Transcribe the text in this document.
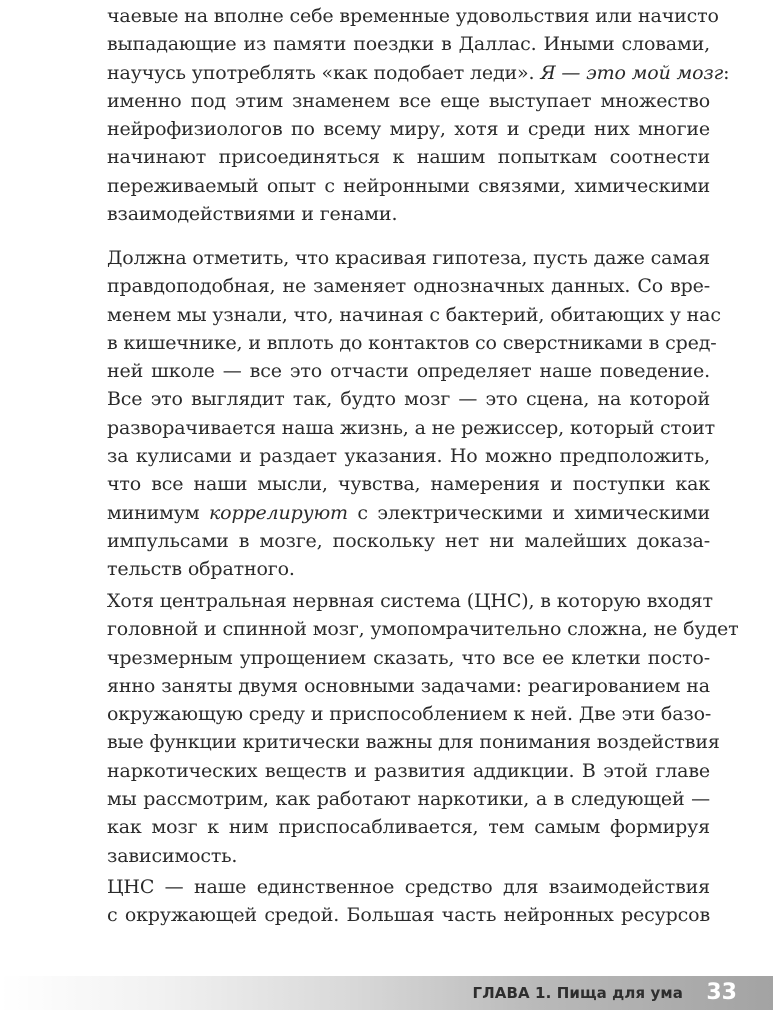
чаевые на вполне себе временные удовольствия или начисто
выпадающие из памяти поездки в Даллас. Иными словами,
научусь употреблять «как подобает леди». Я — это мой мозг:
именно под этим знаменем все еще выступает множество
нейрофизиологов по всему миру, хотя и среди них многие
начинают присоединяться к нашим попыткам соотнести
переживаемый опыт с нейронными связями, химическими
взаимодействиями и генами.
Должна отметить, что красивая гипотеза, пусть даже самая
правдоподобная, не заменяет однозначных данных. Со вре-
менем мы узнали, что, начиная с бактерий, обитающих у нас
в кишечнике, и вплоть до контактов со сверстниками в сред-
ней школе — все это отчасти определяет наше поведение.
Все это выглядит так, будто мозг — это сцена, на которой
разворачивается наша жизнь, а не режиссер, который стоит
за кулисами и раздает указания. Но можно предположить,
что все наши мысли, чувства, намерения и поступки как
минимум коррелируют с электрическими и химическими
импульсами в мозге, поскольку нет ни малейших доказа-
тельств обратного.
Хотя центральная нервная система (ЦНС), в которую входят
головной и спинной мозг, умопомрачительно сложна, не будет
чрезмерным упрощением сказать, что все ее клетки посто-
янно заняты двумя основными задачами: реагированием на
окружающую среду и приспособлением к ней. Две эти базо-
вые функции критически важны для понимания воздействия
наркотических веществ и развития аддикции. В этой главе
мы рассмотрим, как работают наркотики, а в следующей —
как мозг к ним приспосабливается, тем самым формируя
зависимость.
ЦНС — наше единственное средство для взаимодействия
с окружающей средой. Большая часть нейронных ресурсов
ГЛАВА 1. Пища для ума 33
